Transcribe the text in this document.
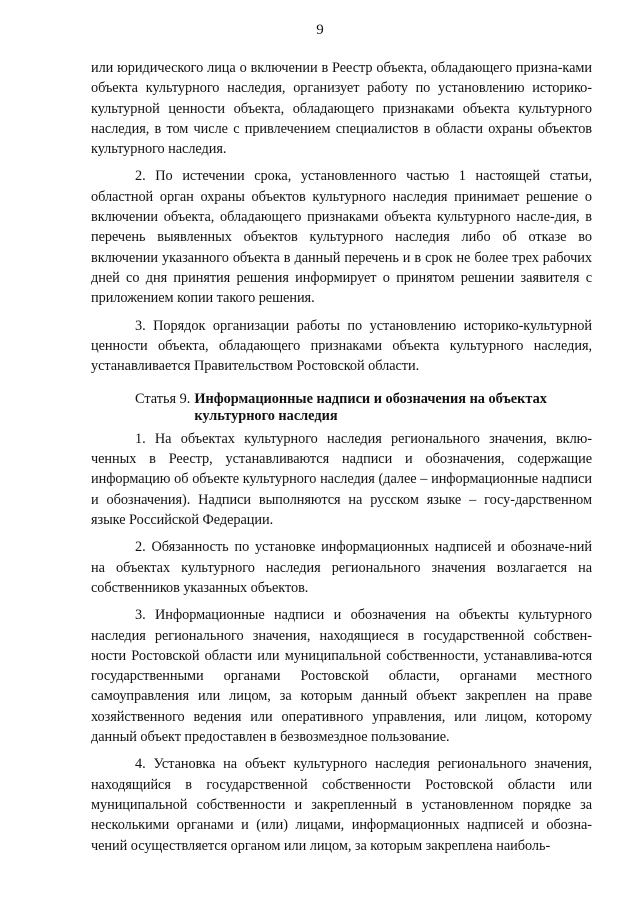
9

или юридического лица о включении в Реестр объекта, обладающего призна-ками объекта культурного наследия, организует работу по установлению историко-культурной ценности объекта, обладающего признаками объекта культурного наследия, в том числе с привлечением специалистов в области охраны объектов культурного наследия.

2. По истечении срока, установленного частью 1 настоящей статьи, областной орган охраны объектов культурного наследия принимает решение о включении объекта, обладающего признаками объекта культурного насле-дия, в перечень выявленных объектов культурного наследия либо об отказе во включении указанного объекта в данный перечень и в срок не более трех рабочих дней со дня принятия решения информирует о принятом решении заявителя с приложением копии такого решения.

3. Порядок организации работы по установлению историко-культурной ценности объекта, обладающего признаками объекта культурного наследия, устанавливается Правительством Ростовской области.

Статья 9. Информационные надписи и обозначения на объектах культурного наследия

1. На объектах культурного наследия регионального значения, вклю-ченных в Реестр, устанавливаются надписи и обозначения, содержащие информацию об объекте культурного наследия (далее – информационные надписи и обозначения). Надписи выполняются на русском языке – госу-дарственном языке Российской Федерации.

2. Обязанность по установке информационных надписей и обозначе-ний на объектах культурного наследия регионального значения возлагается на собственников указанных объектов.

3. Информационные надписи и обозначения на объекты культурного наследия регионального значения, находящиеся в государственной собствен-ности Ростовской области или муниципальной собственности, устанавлива-ются государственными органами Ростовской области, органами местного самоуправления или лицом, за которым данный объект закреплен на праве хозяйственного ведения или оперативного управления, или лицом, которому данный объект предоставлен в безвозмездное пользование.

4. Установка на объект культурного наследия регионального значения, находящийся в государственной собственности Ростовской области или муниципальной собственности и закрепленный в установленном порядке за несколькими органами и (или) лицами, информационных надписей и обозна-чений осуществляется органом или лицом, за которым закреплена наиболь-
